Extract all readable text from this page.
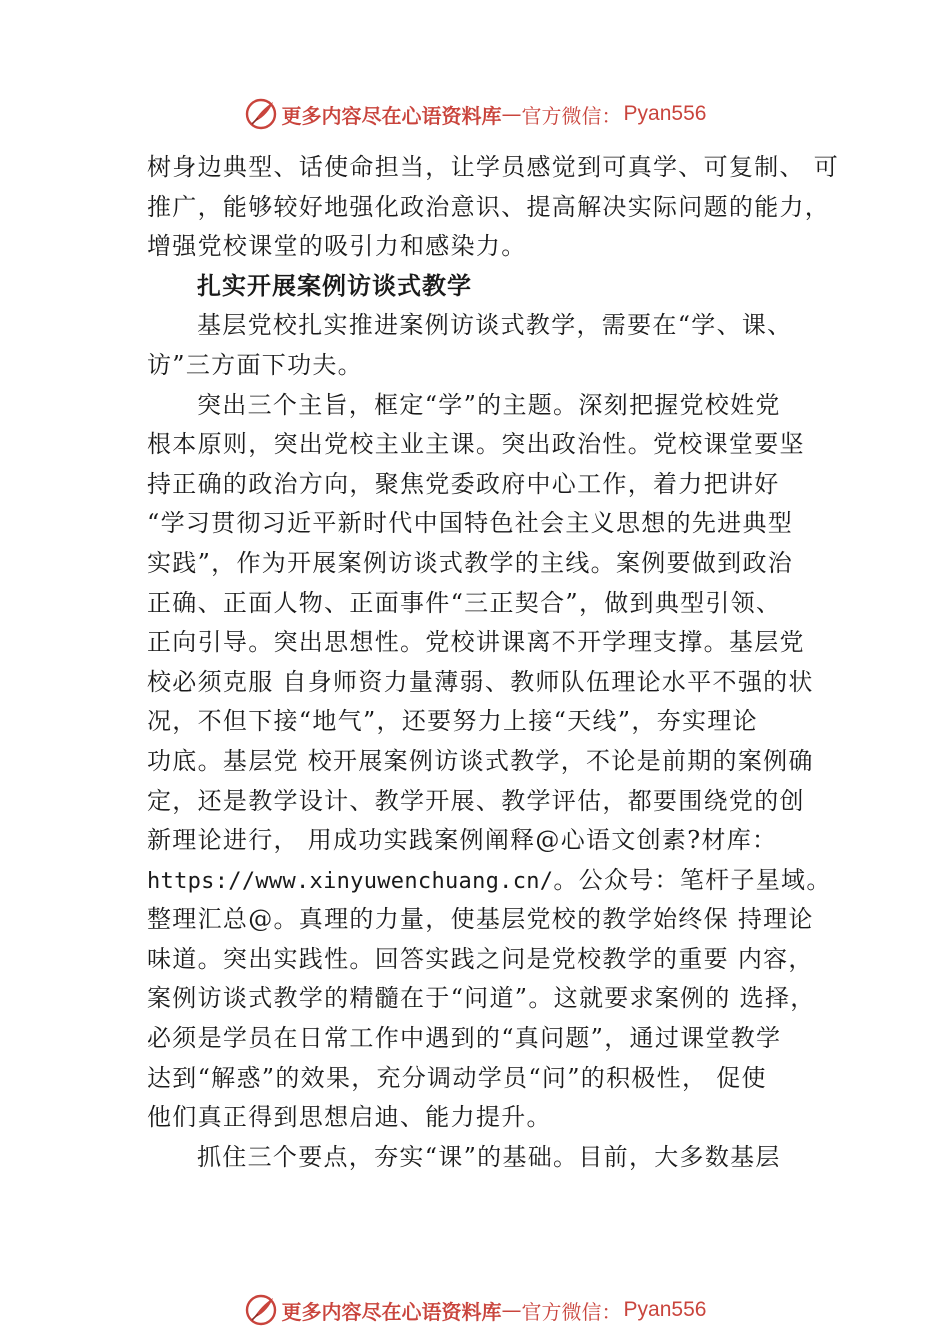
更多内容尽在心语资料库 — 官方微信： Pyan556
树身边典型、话使命担当，让学员感觉到可真学、可复制、 可
推广，能够较好地强化政治意识、提高解决实际问题的能力，
增强党校课堂的吸引力和感染力。
扎实开展案例访谈式教学
基层党校扎实推进案例访谈式教学，需要在“学、课、
访”三方面下功夫。
突出三个主旨，框定“学”的主题。深刻把握党校姓党
根本原则，突出党校主业主课。突出政治性。党校课堂要坚
持正确的政治方向，聚焦党委政府中心工作，着力把讲好
“学习贯彻习近平新时代中国特色社会主义思想的先进典型
实践”，作为开展案例访谈式教学的主线。案例要做到政治
正确、正面人物、正面事件“三正契合”，做到典型引领、
正向引导。突出思想性。党校讲课离不开学理支撑。基层党
校必须克服 自身师资力量薄弱、教师队伍理论水平不强的状
况，不但下接“地气”，还要努力上接“天线”，夯实理论
功底。基层党 校开展案例访谈式教学，不论是前期的案例确
定，还是教学设计、教学开展、教学评估，都要围绕党的创
新理论进行， 用成功实践案例阐释@心语文创素?材库：
https://www.xinyuwenchuang.cn/。公众号：笔杆子星域。
整理汇总@。真理的力量，使基层党校的教学始终保 持理论
味道。突出实践性。回答实践之问是党校教学的重要 内容，
案例访谈式教学的精髓在于“问道”。这就要求案例的 选择，
必须是学员在日常工作中遇到的“真问题”，通过课堂教学
达到“解惑”的效果，充分调动学员“问”的积极性， 促使
他们真正得到思想启迪、能力提升。
抓住三个要点，夯实“课”的基础。目前，大多数基层
更多内容尽在心语资料库 — 官方微信： Pyan556
